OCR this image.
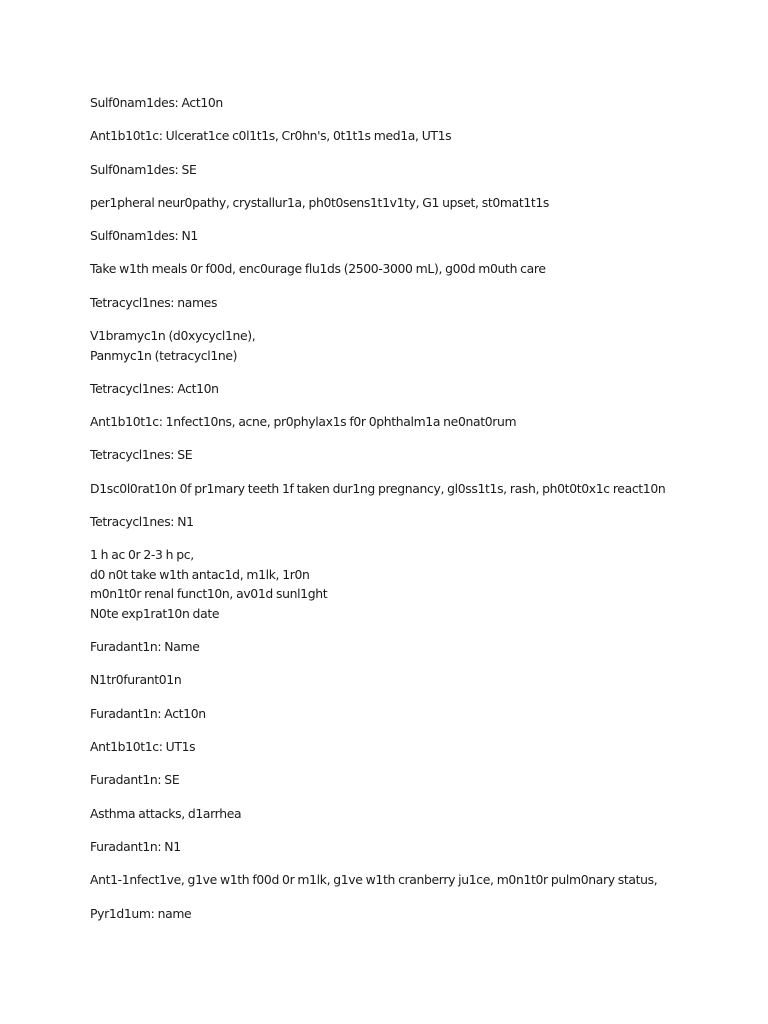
Sulf0nam1des: Act10n
Ant1b10t1c: Ulcerat1ce c0l1t1s, Cr0hn's, 0t1t1s med1a, UT1s
Sulf0nam1des: SE
per1pheral neur0pathy, crystallur1a, ph0t0sens1t1v1ty, G1 upset, st0mat1t1s
Sulf0nam1des: N1
Take w1th meals 0r f00d, enc0urage flu1ds (2500-3000 mL), g00d m0uth care
Tetracycl1nes: names
V1bramyc1n (d0xycycl1ne),
Panmyc1n (tetracycl1ne)
Tetracycl1nes: Act10n
Ant1b10t1c: 1nfect10ns, acne, pr0phylax1s f0r 0phthalm1a ne0nat0rum
Tetracycl1nes: SE
D1sc0l0rat10n 0f pr1mary teeth 1f taken dur1ng pregnancy, gl0ss1t1s, rash, ph0t0t0x1c react10n
Tetracycl1nes: N1
1 h ac 0r 2-3 h pc,
d0 n0t take w1th antac1d, m1lk, 1r0n
m0n1t0r renal funct10n, av01d sunl1ght
N0te exp1rat10n date
Furadant1n: Name
N1tr0furant01n
Furadant1n: Act10n
Ant1b10t1c: UT1s
Furadant1n: SE
Asthma attacks, d1arrhea
Furadant1n: N1
Ant1-1nfect1ve, g1ve w1th f00d 0r m1lk, g1ve w1th cranberry ju1ce, m0n1t0r pulm0nary status,
Pyr1d1um: name
